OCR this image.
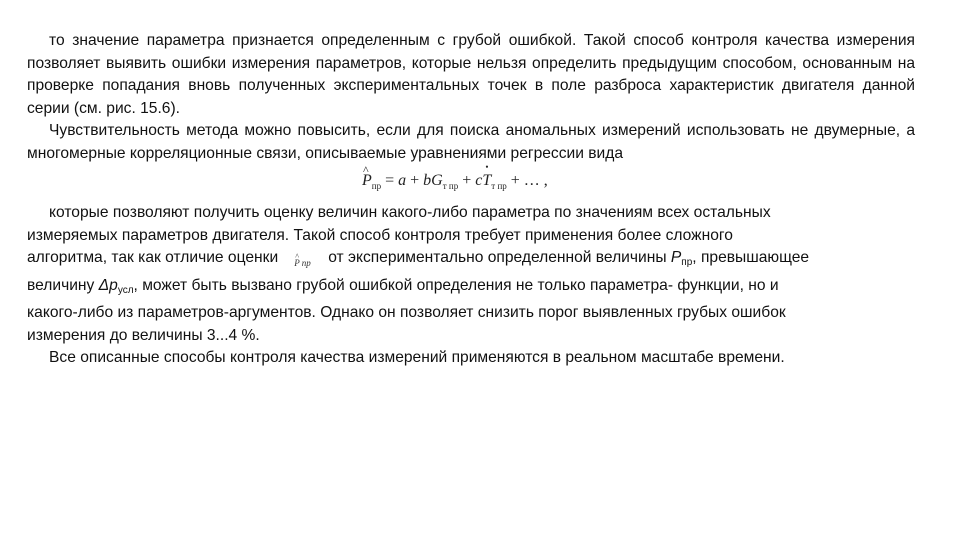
то значение параметра признается определенным с грубой ошибкой. Такой способ контроля качества измерения позволяет выявить ошибки измерения параметров, которые нельзя определить предыдущим способом, основанным на проверке попадания вновь полученных экспериментальных точек в поле разброса характеристик двигателя данной серии (см. рис. 15.6).

Чувствительность метода можно повысить, если для поиска аномальных измерений использовать не двумерные, а многомерные корреляционные связи, описываемые уравнениями регрессии вида

^ $P_{пр} = a + bG_{т пр}$ + c• $T_{т пр}$ + … ,

которые позволяют получить оценку величин какого-либо параметра по значениям всех остальных

измеряемых параметров двигателя. Такой способ контроля требует применения более сложного

алгоритма, так как отличие оценки
^ P пр от экспериментально определенной величины $P_{пр}$, превышающее

величину $\Delta p_{усл}$, может быть вызвано грубой ошибкой определения не только параметра- функции, но и

какого-либо из параметров-аргументов. Однако он позволяет снизить порог выявленных грубых ошибок

измерения до величины 3...4 %.

Все описанные способы контроля качества измерений применяются в реальном масштабе времени.
